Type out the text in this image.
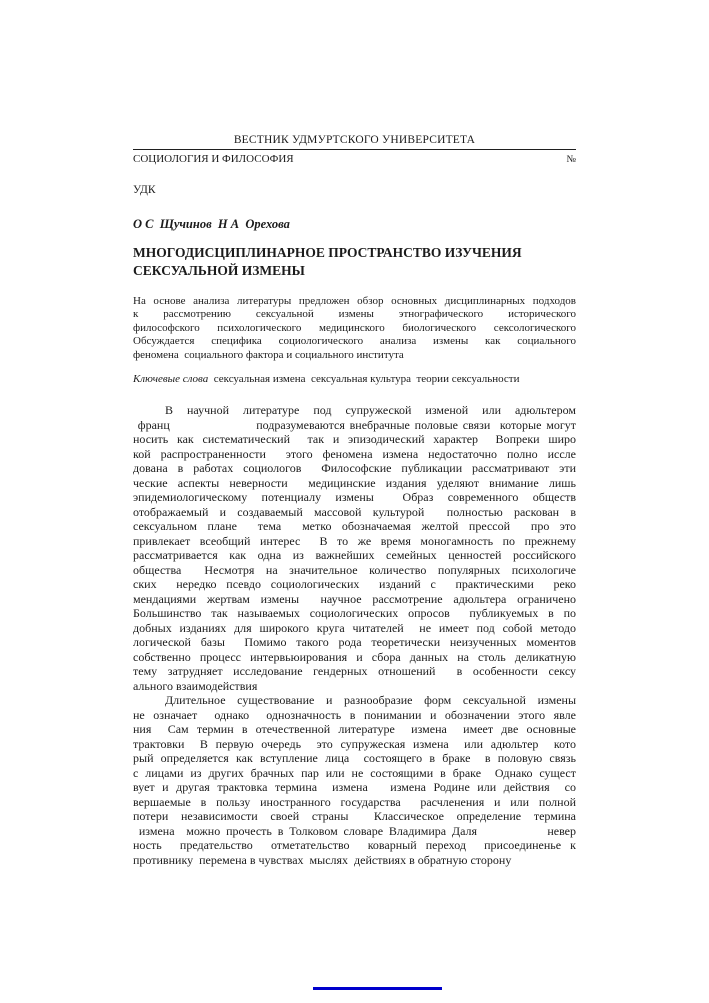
ВЕСТНИК УДМУРТСКОГО УНИВЕРСИТЕТА
СОЦИОЛОГИЯ И ФИЛОСОФИЯ	№
УДК
О С  Щучинов  Н А  Орехова
МНОГОДИСЦИПЛИНАРНОЕ ПРОСТРАНСТВО ИЗУЧЕНИЯ
СЕКСУАЛЬНОЙ ИЗМЕНЫ
На основе анализа литературы предложен обзор основных дисциплинарных подходов
к рассмотрению сексуальной измены этнографического исторического
философского психологического медицинского биологического сексологического
Обсуждается специфика социологического анализа измены как социального
феномена  социального фактора и социального института
Ключевые слова  сексуальная измена  сексуальная культура  теории сексуальности
В научной литературе под супружеской изменой или адюльтером
франц                  подразумеваются внебрачные половые связи  которые могут
носить как систематический  так и эпизодический характер  Вопреки широ
кой распространенности  этого феномена измена недостаточно полно иссле
дована в работах социологов  Философские публикации рассматривают эти
ческие аспекты неверности  медицинские издания уделяют внимание лишь
эпидемиологическому потенциалу измены  Образ современного обществ
отображаемый и создаваемый массовой культурой  полностью раскован в
сексуальном плане  тема  метко обозначаемая желтой прессой  про это
привлекает всеобщий интерес  В то же время моногамность по прежнему
рассматривается как одна из важнейших семейных ценностей российского
общества  Несмотря на значительное количество популярных психологиче
ских  нередко псевдо социологических  изданий с  практическими  реко
мендациями жертвам измены  научное рассмотрение адюльтера ограничено
Большинство так называемых социологических опросов  публикуемых в по
добных изданиях для широкого круга читателей  не имеет под собой методо
логической базы  Помимо такого рода теоретически неизученных моментов
собственно процесс интервьюирования и сбора данных на столь деликатную
тему затрудняет исследование гендерных отношений  в особенности сексу
ального взаимодействия
Длительное существование и разнообразие форм сексуальной измены
не означает  однако  однозначность в понимании и обозначении этого явле
ния  Сам термин в отечественной литературе  измена  имеет две основные
трактовки  В первую очередь  это супружеская измена  или адюльтер  кото
рый определяется как вступление лица  состоящего в браке  в половую связь
с лицами из других брачных пар или не состоящими в браке  Однако сущест
вует и другая трактовка термина  измена   измена Родине или действия  со
вершаемые в пользу иностранного государства  расчленения и или полной
потери независимости своей страны  Классическое определение термина
измена  можно прочесть в Толковом словаре Владимира Даля            невер
ность  предательство  отметательство  коварный переход  присоединенье к
противнику  перемена в чувствах  мыслях  действиях в обратную сторону
